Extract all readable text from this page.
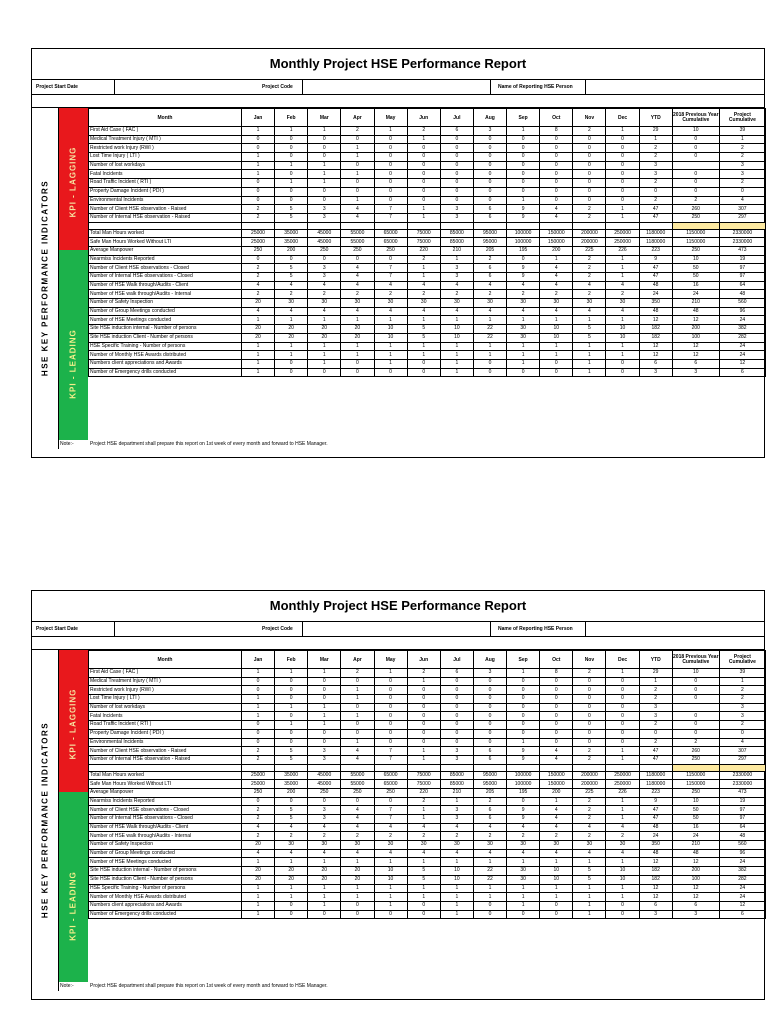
Monthly Project HSE Performance Report
Project Start Date	Project Code	Name of Reporting HSE Person
HSE KEY PERFORMANCE INDICATORS KPI - LAGGING
KPI - LEADING
Month	Jan	Feb	Mar	Apr	May	Jun	Jul	Aug	Sep	Oct	Nov	Dec	YTD	2018 Previous Year Cumulative	Project Cumulative
First Aid Case ( FAC )	1	1	1	2	1	2	6	3	1	8	2	1	29	10	39
Medical Treatment Injury ( MTI )	0	0	0	0	0	1	0	0	0	0	0	0	1	0	1
Restricted work Injury (RWI )	0	0	0	1	0	0	0	0	0	0	0	0	2	0	2
Lost Time Injury ( LTI )	1	0	0	1	0	0	0	0	0	0	0	0	2	0	2
Number of lost workdays	1	1	1	0	0	0	0	0	0	0	0	0	3		3
Fatal Incidents	1	0	1	1	0	0	0	0	0	0	0	0	3	0	3
Road Traffic Incident ( RTI )	0	1	1	0	0	0	0	0	0	0	0	0	2	0	2
Property Damage Incident ( PDI )	0	0	0	0	0	0	0	0	0	0	0	0	0	0	0
Environmental Incidents	0	0	0	1	0	0	0	0	1	0	0	0	2	2	4
Number of Client HSE observation - Raised	2	5	3	4	7	1	3	6	9	4	2	1	47	260	307
Number of Internal HSE observation - Raised	2	5	3	4	7	1	3	6	9	4	2	1	47	250	297

Total Man Hours worked	25000	35000	45000	55000	65000	75000	85000	95000	100000	150000	200000	250000	1180000	1150000	2330000
Safe Man Hours Worked Without LTI	25000	35000	45000	55000	65000	75000	85000	95000	100000	150000	200000	250000	1180000	1150000	2330000
Average Manpower	250	200	250	250	250	220	210	205	195	200	225	226	223	250	473
Nearmiss Incidents Reported	0	0	0	0	0	2	1	2	0	1	2	1	9	10	19
Number of Client HSE observations - Closed	2	5	3	4	7	1	3	6	9	4	2	1	47	50	97
Number of Internal HSE observations - Closed	2	5	3	4	7	1	3	6	9	4	2	1	47	50	97
Number of HSE Walk through/Audits - Client	4	4	4	4	4	4	4	4	4	4	4	4	48	16	64
Number of HSE walk through/Audits - Internal	2	2	2	2	2	2	2	2	2	2	2	2	24	24	48
Number of Safety Inspection	20	30	30	30	30	30	30	30	30	30	30	30	350	210	560
Number of Group Meetings conducted	4	4	4	4	4	4	4	4	4	4	4	4	48	48	96
Number of HSE Meetings conducted	1	1	1	1	1	1	1	1	1	1	1	1	12	12	24
Site HSE induction internal - Number of persons	20	20	20	20	10	5	10	22	30	10	5	10	182	200	382
Site HSE induction Client - Number of persons	20	20	20	20	10	5	10	22	30	10	5	10	182	100	282
HSE Specific Training - Number of persons	1	1	1	1	1	1	1	1	1	1	1	1	12	12	24
Number of Monthly HSE Awards distributed	1	1	1	1	1	1	1	1	1	1	1	1	12	12	24
Numbers client appreciations and Awards	1	0	1	0	1	0	1	0	1	0	1	0	6	6	12
Number of Emergency drills conducted	1	0	0	0	0	0	1	0	0	0	1	0	3	3	6
Note:-	Project HSE department shall prepare this report on 1st week of every month and forward to HSE Manager.
Monthly Project HSE Performance Report
Project Start Date	Project Code	Name of Reporting HSE Person
HSE KEY PERFORMANCE INDICATORS KPI - LAGGING
KPI - LEADING
Month	Jan	Feb	Mar	Apr	May	Jun	Jul	Aug	Sep	Oct	Nov	Dec	YTD	2018 Previous Year Cumulative	Project Cumulative
First Aid Case ( FAC )	1	1	1	2	1	2	6	3	1	8	2	1	29	10	39
Medical Treatment Injury ( MTI )	0	0	0	0	0	1	0	0	0	0	0	0	1	0	1
Restricted work Injury (RWI )	0	0	0	1	0	0	0	0	0	0	0	0	2	0	2
Lost Time Injury ( LTI )	1	0	0	1	0	0	0	0	0	0	0	0	2	0	2
Number of lost workdays	1	1	1	0	0	0	0	0	0	0	0	0	3		3
Fatal Incidents	1	0	1	1	0	0	0	0	0	0	0	0	3	0	3
Road Traffic Incident ( RTI )	0	1	1	0	0	0	0	0	0	0	0	0	2	0	2
Property Damage Incident ( PDI )	0	0	0	0	0	0	0	0	0	0	0	0	0	0	0
Environmental Incidents	0	0	0	1	0	0	0	0	1	0	0	0	2	2	4
Number of Client HSE observation - Raised	2	5	3	4	7	1	3	6	9	4	2	1	47	260	307
Number of Internal HSE observation - Raised	2	5	3	4	7	1	3	6	9	4	2	1	47	250	297

Total Man Hours worked	25000	35000	45000	55000	65000	75000	85000	95000	100000	150000	200000	250000	1180000	1150000	2330000
Safe Man Hours Worked Without LTI	25000	35000	45000	55000	65000	75000	85000	95000	100000	150000	200000	250000	1180000	1150000	2330000
Average Manpower	250	200	250	250	250	220	210	205	195	200	225	226	223	250	473
Nearmiss Incidents Reported	0	0	0	0	0	2	1	2	0	1	2	1	9	10	19
Number of Client HSE observations - Closed	2	5	3	4	7	1	3	6	9	4	2	1	47	50	97
Number of Internal HSE observations - Closed	2	5	3	4	7	1	3	6	9	4	2	1	47	50	97
Number of HSE Walk through/Audits - Client	4	4	4	4	4	4	4	4	4	4	4	4	48	16	64
Number of HSE walk through/Audits - Internal	2	2	2	2	2	2	2	2	2	2	2	2	24	24	48
Number of Safety Inspection	20	30	30	30	30	30	30	30	30	30	30	30	350	210	560
Number of Group Meetings conducted	4	4	4	4	4	4	4	4	4	4	4	4	48	48	96
Number of HSE Meetings conducted	1	1	1	1	1	1	1	1	1	1	1	1	12	12	24
Site HSE induction internal - Number of persons	20	20	20	20	10	5	10	22	30	10	5	10	182	200	382
Site HSE induction Client - Number of persons	20	20	20	20	10	5	10	22	30	10	5	10	182	100	282
HSE Specific Training - Number of persons	1	1	1	1	1	1	1	1	1	1	1	1	12	12	24
Number of Monthly HSE Awards distributed	1	1	1	1	1	1	1	1	1	1	1	1	12	12	24
Numbers client appreciations and Awards	1	0	1	0	1	0	1	0	1	0	1	0	6	6	12
Number of Emergency drills conducted	1	0	0	0	0	0	1	0	0	0	1	0	3	3	6
Note:-	Project HSE department shall prepare this report on 1st week of every month and forward to HSE Manager.
